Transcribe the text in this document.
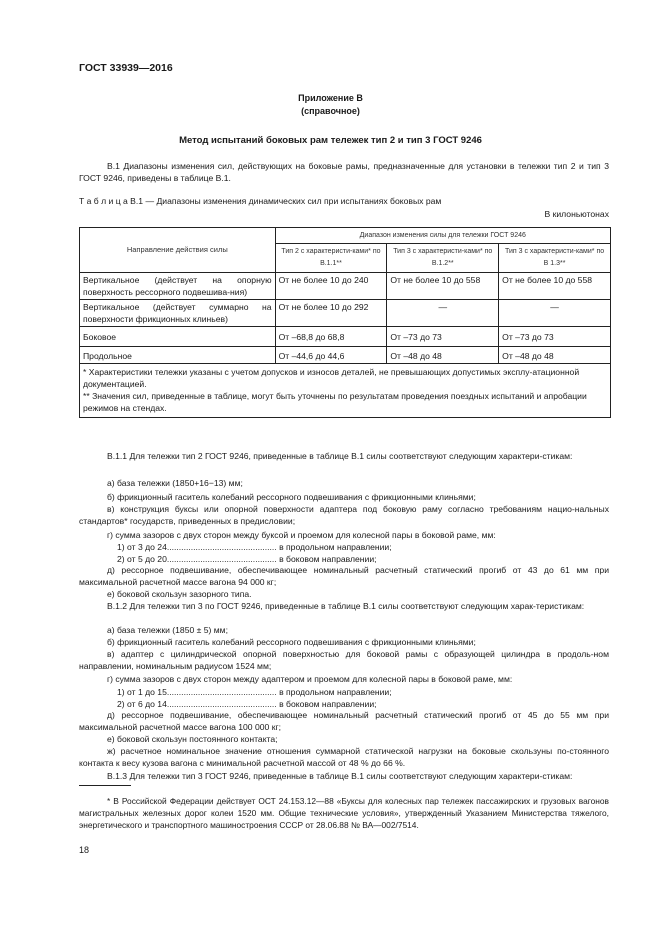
ГОСТ 33939—2016
Приложение В
(справочное)
Метод испытаний боковых рам тележек тип 2 и тип 3 ГОСТ 9246
В.1 Диапазоны изменения сил, действующих на боковые рамы, предназначенные для установки в тележки тип 2 и тип 3 ГОСТ 9246, приведены в таблице В.1.
Т а б л и ц а В.1 — Диапазоны изменения динамических сил при испытаниях боковых рам
В килоньютонах
Направление действия силы	Диапазон изменения силы для тележки ГОСТ 9246		
	Тип 2 с характеристи-ками* по В.1.1**	Тип 3 с характеристи-ками* по В.1.2**	Тип 3 с характеристи-ками* по В 1.3**
Вертикальное (действует на опорную поверхность рессорного подвешива-ния)	От не более 10 до 240	От не более 10 до 558	От не более 10 до 558
Вертикальное (действует суммарно на поверхности фрикционных клиньев)	От не более 10 до 292	—	—
Боковое	От –68,8 до 68,8	От –73 до 73	От –73 до 73
Продольное	От –44,6 до 44,6	От –48 до 48	От –48 до 48

* Характеристики тележки указаны с учетом допусков и износов деталей, не превышающих допустимых эксплу-атационной документацией.
** Значения сил, приведенные в таблице, могут быть уточнены по результатам проведения поездных испытаний и апробации режимов на стендах.			
В.1.1 Для тележки тип 2 ГОСТ 9246, приведенные в таблице В.1 силы соответствуют следующим характери-стикам:
а) база тележки (1850+16−13) мм;
б) фрикционный гаситель колебаний рессорного подвешивания с фрикционными клиньями;
в) конструкция буксы или опорной поверхности адаптера под боковую раму согласно требованиям нацио-нальных стандартов* государств, приведенных в предисловии;
г) сумма зазоров с двух сторон между буксой и проемом для колесной пары в боковой раме, мм:
1) от 3 до 24.............................................. в продольном направлении;
2) от 5 до 20.............................................. в боковом направлении;
д) рессорное подвешивание, обеспечивающее номинальный расчетный статический прогиб от 43 до 61 мм при максимальной расчетной массе вагона 94 000 кг;
е) боковой скользун зазорного типа.
В.1.2 Для тележки тип 3 по ГОСТ 9246, приведенные в таблице В.1 силы соответствуют следующим харак-теристикам:
а) база тележки (1850 ± 5) мм;
б) фрикционный гаситель колебаний рессорного подвешивания с фрикционными клиньями;
в) адаптер с цилиндрической опорной поверхностью для боковой рамы с образующей цилиндра в продоль-ном направлении, номинальным радиусом 1524 мм;
г) сумма зазоров с двух сторон между адаптером и проемом для колесной пары в боковой раме, мм:
1) от 1 до 15.............................................. в продольном направлении;
2) от 6 до 14.............................................. в боковом направлении;
д) рессорное подвешивание, обеспечивающее номинальный расчетный статический прогиб от 45 до 55 мм при максимальной расчетной массе вагона 100 000 кг;
е) боковой скользун постоянного контакта;
ж) расчетное номинальное значение отношения суммарной статической нагрузки на боковые скользуны по-стоянного контакта к весу кузова вагона с минимальной расчетной массой от 48 % до 66 %.
В.1.3 Для тележки тип 3 ГОСТ 9246, приведенные в таблице В.1 силы соответствуют следующим характери-стикам:
* В Российской Федерации действует ОСТ 24.153.12—88 «Буксы для колесных пар тележек пассажирских и грузовых вагонов магистральных железных дорог колеи 1520 мм. Общие технические условия», утвержденный Указанием Министерства тяжелого, энергетического и транспортного машиностроения СССР от 28.06.88 № ВА—002/7514.
18
